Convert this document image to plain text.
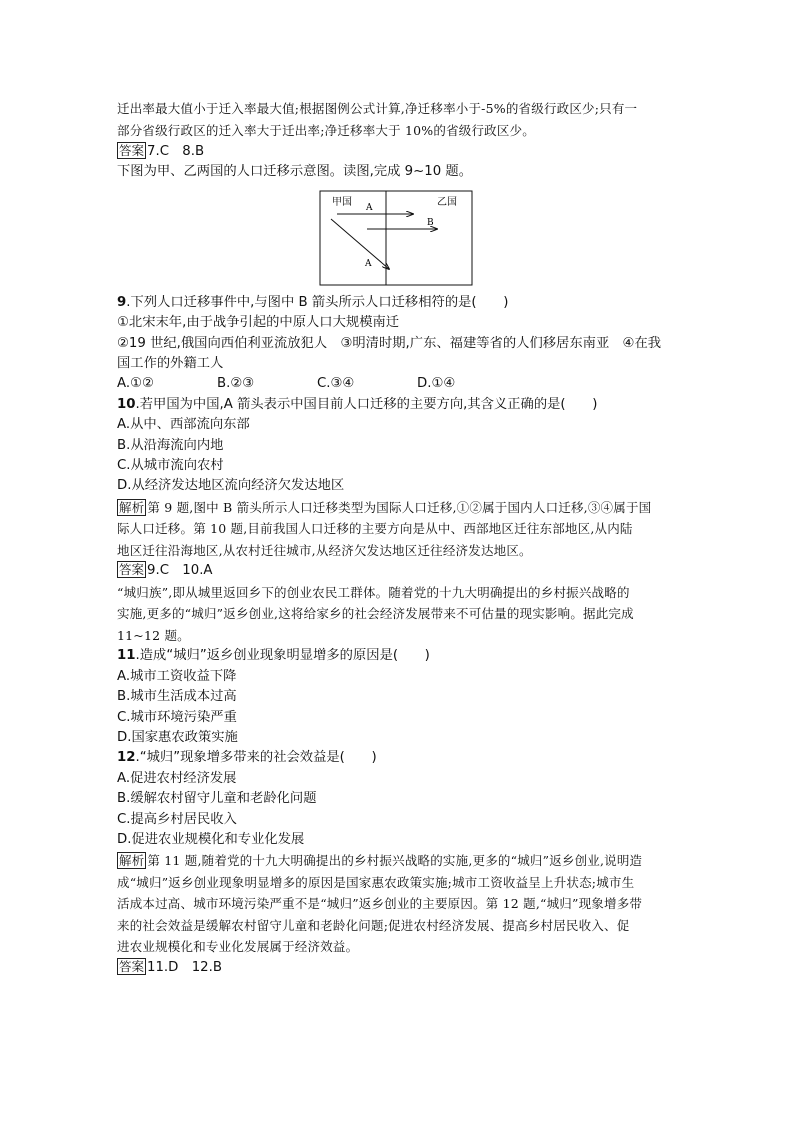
迁出率最大值小于迁入率最大值;根据图例公式计算,净迁移率小于-5%的省级行政区少;只有一
部分省级行政区的迁入率大于迁出率;净迁移率大于 10%的省级行政区少。
答案 7.C　8.B
下图为甲、乙两国的人口迁移示意图。读图,完成 9~10 题。
甲国	乙国
A
B
A
9.下列人口迁移事件中,与图中 B 箭头所示人口迁移相符的是(　　)
①北宋末年,由于战争引起的中原人口大规模南迁
②19 世纪,俄国向西伯利亚流放犯人　③明清时期,广东、福建等省的人们移居东南亚　④在我
国工作的外籍工人
A.①②	B.②③	C.③④	D.①④
10.若甲国为中国,A 箭头表示中国目前人口迁移的主要方向,其含义正确的是(　　)
A.从中、西部流向东部
B.从沿海流向内地
C.从城市流向农村
D.从经济发达地区流向经济欠发达地区
解析 第 9 题,图中 B 箭头所示人口迁移类型为国际人口迁移,①②属于国内人口迁移,③④属于国
际人口迁移。第 10 题,目前我国人口迁移的主要方向是从中、西部地区迁往东部地区,从内陆
地区迁往沿海地区,从农村迁往城市,从经济欠发达地区迁往经济发达地区。
答案 9.C　10.A
“城归族”,即从城里返回乡下的创业农民工群体。随着党的十九大明确提出的乡村振兴战略的
实施,更多的“城归”返乡创业,这将给家乡的社会经济发展带来不可估量的现实影响。据此完成
11~12 题。
11.造成“城归”返乡创业现象明显增多的原因是(　　)
A.城市工资收益下降
B.城市生活成本过高
C.城市环境污染严重
D.国家惠农政策实施
12.“城归”现象增多带来的社会效益是(　　)
A.促进农村经济发展
B.缓解农村留守儿童和老龄化问题
C.提高乡村居民收入
D.促进农业规模化和专业化发展
解析 第 11 题,随着党的十九大明确提出的乡村振兴战略的实施,更多的“城归”返乡创业,说明造
成“城归”返乡创业现象明显增多的原因是国家惠农政策实施;城市工资收益呈上升状态;城市生
活成本过高、城市环境污染严重不是“城归”返乡创业的主要原因。第 12 题,“城归”现象增多带
来的社会效益是缓解农村留守儿童和老龄化问题;促进农村经济发展、提高乡村居民收入、促
进农业规模化和专业化发展属于经济效益。
答案 11.D　12.B
